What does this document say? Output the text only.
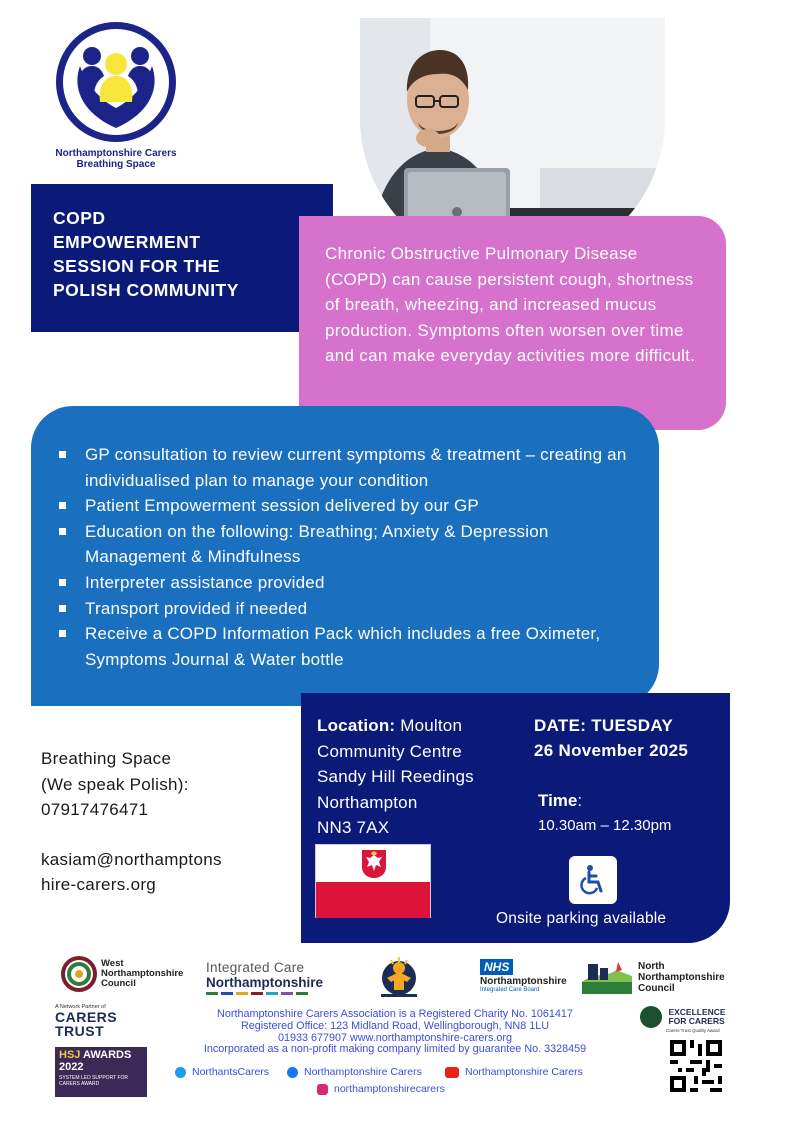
Northamptonshire Carers
Breathing Space
COPD
EMPOWERMENT
SESSION FOR THE
POLISH COMMUNITY
Chronic Obstructive Pulmonary Disease (COPD) can cause persistent cough, shortness of breath, wheezing, and increased mucus production. Symptoms often worsen over time and can make everyday activities more difficult.
GP consultation to review current symptoms & treatment – creating an individualised plan to manage your condition
Patient Empowerment session delivered by our GP
Education on the following: Breathing; Anxiety & Depression Management & Mindfulness
Interpreter assistance provided
Transport provided if needed
Receive a COPD Information Pack which includes a free Oximeter, Symptoms Journal & Water bottle

Breathing Space
(We speak Polish):
07917476471

kasiam@northamptons
hire-carers.org

Location: Moulton
Community Centre
Sandy Hill Reedings
Northampton
NN3 7AX
DATE: TUESDAY
26 November 2025
Time:
10.30am – 12.30pm
Onsite parking available
West
Northamptonshire
Council
Integrated Care
Northamptonshire
NHS
Northamptonshire
Integrated Care Board
North
Northamptonshire
Council
A Network Partner of
CARERS
TRUST
HSJ AWARDS 2022
SYSTEM LED SUPPORT FOR CARERS AWARD
Northamptonshire Carers Association is a Registered Charity No. 1061417
Registered Office: 123 Midland Road, Wellingborough, NN8 1LU
01933 677907 www.northamptonshire-carers.org
Incorporated as a non-profit making company limited by guarantee No. 3328459
NorthantsCarers	Northamptonshire Carers	Northamptonshire Carers
northamptonshirecarers
EXCELLENCE
FOR CARERS
Carers Trust Quality Award
